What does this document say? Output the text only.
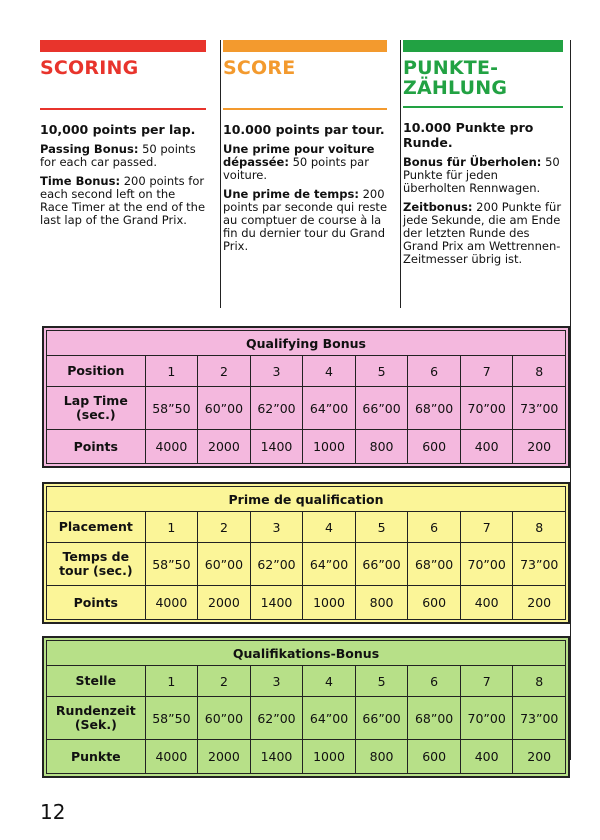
SCORING
10,000 points per lap.
Passing Bonus: 50 points for each car passed.
Time Bonus: 200 points for each second left on the Race Timer at the end of the last lap of the Grand Prix.
SCORE
10.000 points par tour.
Une prime pour voiture dépassée: 50 points par voiture.
Une prime de temps: 200 points par seconde qui reste au comptuer de course à la fin du dernier tour du Grand Prix.
PUNKTE-
ZÄHLUNG
10.000 Punkte pro Runde.
Bonus für Überholen: 50 Punkte für jeden überholten Rennwagen.
Zeitbonus: 200 Punkte für jede Sekunde, die am Ende der letzten Runde des Grand Prix am Wettrennen-Zeitmesser übrig ist.
Qualifying Bonus								
Position	1	2	3	4	5	6	7	8

Lap Time
(sec.)	58”50	60”00	62”00	64”00	66”00	68”00	70”00	73”00
Points	4000	2000	1400	1000	800	600	400	200
Prime de qualification								
Placement	1	2	3	4	5	6	7	8

Temps de
tour (sec.)	58”50	60”00	62”00	64”00	66”00	68”00	70”00	73”00
Points	4000	2000	1400	1000	800	600	400	200
Qualifikations-Bonus								
Stelle	1	2	3	4	5	6	7	8

Rundenzeit
(Sek.)	58”50	60”00	62”00	64”00	66”00	68”00	70”00	73”00
Punkte	4000	2000	1400	1000	800	600	400	200
12
